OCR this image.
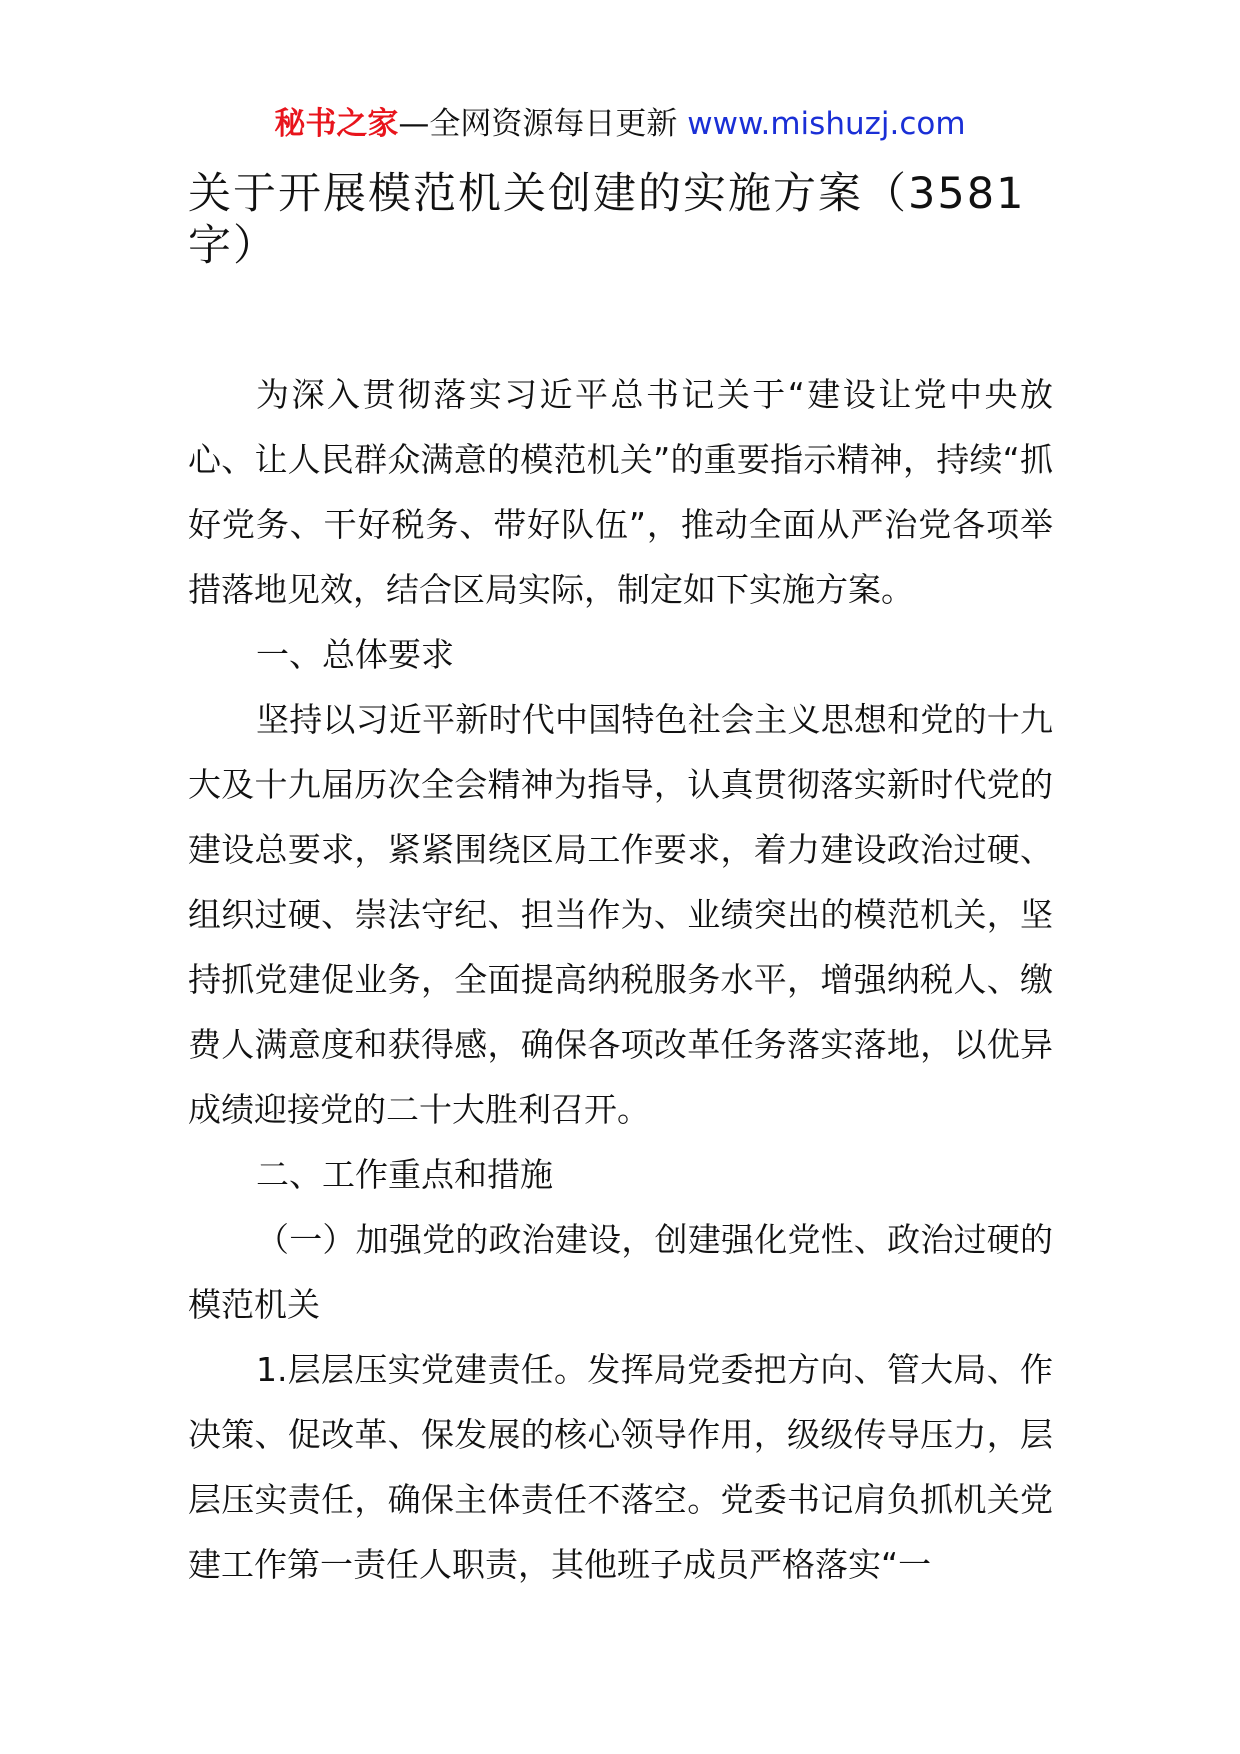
秘书之家—全网资源每日更新 www.mishuzj.com
关于开展模范机关创建的实施方案（3581字）

为深入贯彻落实习近平总书记关于“建设让党中央放心、让人民群众满意的模范机关”的重要指示精神，持续“抓好党务、干好税务、带好队伍”，推动全面从严治党各项举措落地见效，结合区局实际，制定如下实施方案。

一、总体要求

坚持以习近平新时代中国特色社会主义思想和党的十九大及十九届历次全会精神为指导，认真贯彻落实新时代党的建设总要求，紧紧围绕区局工作要求，着力建设政治过硬、组织过硬、崇法守纪、担当作为、业绩突出的模范机关，坚持抓党建促业务，全面提高纳税服务水平，增强纳税人、缴费人满意度和获得感，确保各项改革任务落实落地，以优异成绩迎接党的二十大胜利召开。

二、工作重点和措施

（一）加强党的政治建设，创建强化党性、政治过硬的模范机关

1.层层压实党建责任。发挥局党委把方向、管大局、作决策、促改革、保发展的核心领导作用，级级传导压力，层层压实责任，确保主体责任不落空。党委书记肩负抓机关党建工作第一责任人职责，其他班子成员严格落实“一
